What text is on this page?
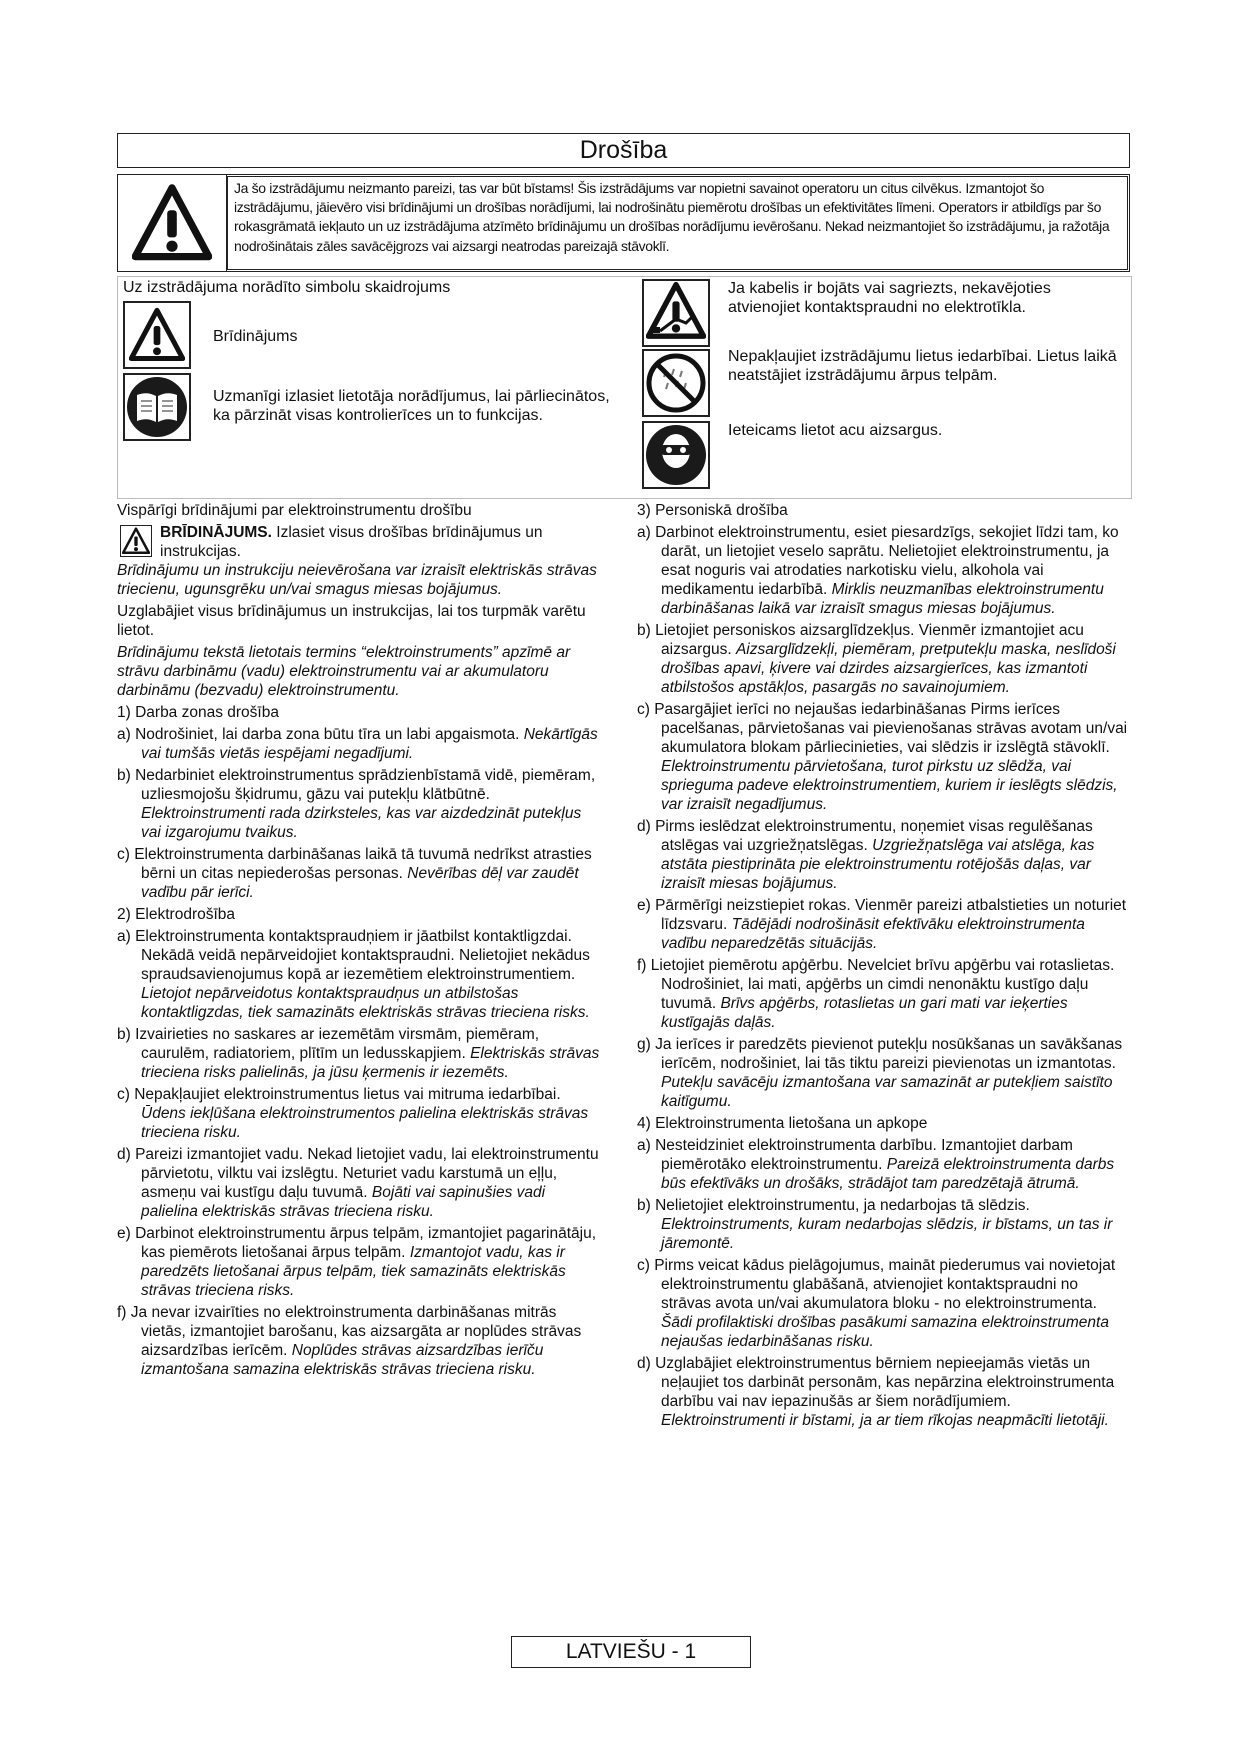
Drošība
Ja šo izstrādājumu neizmanto pareizi, tas var būt bīstams! Šis izstrādājums var nopietni savainot operatoru un citus cilvēkus. Izmantojot šo izstrādājumu, jāievēro visi brīdinājumi un drošības norādījumi, lai nodrošinātu piemērotu drošības un efektivitātes līmeni. Operators ir atbildīgs par šo rokasgrāmatā iekļauto un uz izstrādājuma atzīmēto brīdinājumu un drošības norādījumu ievērošanu. Nekad neizmantojiet šo izstrādājumu, ja ražotāja nodrošinātais zāles savācējgrozs vai aizsargi neatrodas pareizajā stāvoklī.
Uz izstrādājuma norādīto simbolu skaidrojums
Brīdinājums
Uzmanīgi izlasiet lietotāja norādījumus, lai pārliecinātos, ka pārzināt visas kontrolierīces un to funkcijas.
Ja kabelis ir bojāts vai sagriezts, nekavējoties atvienojiet kontaktspraudni no elektrotīkla.
Nepakļaujiet izstrādājumu lietus iedarbībai. Lietus laikā neatstājiet izstrādājumu ārpus telpām.
Ieteicams lietot acu aizsargus.

Vispārīgi brīdinājumi par elektroinstrumentu drošību

BRĪDINĀJUMS. Izlasiet visus drošības brīdinājumus un instrukcijas.

Brīdinājumu un instrukciju neievērošana var izraisīt elektriskās strāvas triecienu, ugunsgrēku un/vai smagus miesas bojājumus.

Uzglabājiet visus brīdinājumus un instrukcijas, lai tos turpmāk varētu lietot.

Brīdinājumu tekstā lietotais termins “elektroinstruments” apzīmē ar strāvu darbināmu (vadu) elektroinstrumentu vai ar akumulatoru darbināmu (bezvadu) elektroinstrumentu.

1) Darba zonas drošība

a) Nodrošiniet, lai darba zona būtu tīra un labi apgaismota. Nekārtīgās vai tumšās vietās iespējami negadījumi.

b) Nedarbiniet elektroinstrumentus sprādzienbīstamā vidē, piemēram, uzliesmojošu šķidrumu, gāzu vai putekļu klātbūtnē. Elektroinstrumenti rada dzirksteles, kas var aizdedzināt putekļus vai izgarojumu tvaikus.

c) Elektroinstrumenta darbināšanas laikā tā tuvumā nedrīkst atrasties bērni un citas nepiederošas personas. Nevērības dēļ var zaudēt vadību pār ierīci.

2) Elektrodrošība

a) Elektroinstrumenta kontaktspraudņiem ir jāatbilst kontaktligzdai. Nekādā veidā nepārveidojiet kontaktspraudni. Nelietojiet nekādus spraudsavienojumus kopā ar iezemētiem elektroinstrumentiem. Lietojot nepārveidotus kontaktspraudņus un atbilstošas kontaktligzdas, tiek samazināts elektriskās strāvas trieciena risks.

b) Izvairieties no saskares ar iezemētām virsmām, piemēram, caurulēm, radiatoriem, plītīm un ledusskapjiem. Elektriskās strāvas trieciena risks palielinās, ja jūsu ķermenis ir iezemēts.

c) Nepakļaujiet elektroinstrumentus lietus vai mitruma iedarbībai. Ūdens iekļūšana elektroinstrumentos palielina elektriskās strāvas trieciena risku.

d) Pareizi izmantojiet vadu. Nekad lietojiet vadu, lai elektroinstrumentu pārvietotu, vilktu vai izslēgtu. Neturiet vadu karstumā un eļļu, asmeņu vai kustīgu daļu tuvumā. Bojāti vai sapinušies vadi palielina elektriskās strāvas trieciena risku.

e) Darbinot elektroinstrumentu ārpus telpām, izmantojiet pagarinātāju, kas piemērots lietošanai ārpus telpām. Izmantojot vadu, kas ir paredzēts lietošanai ārpus telpām, tiek samazināts elektriskās strāvas trieciena risks.

f) Ja nevar izvairīties no elektroinstrumenta darbināšanas mitrās vietās, izmantojiet barošanu, kas aizsargāta ar noplūdes strāvas aizsardzības ierīcēm. Noplūdes strāvas aizsardzības ierīču izmantošana samazina elektriskās strāvas trieciena risku.

3) Personiskā drošība

a) Darbinot elektroinstrumentu, esiet piesardzīgs, sekojiet līdzi tam, ko darāt, un lietojiet veselo saprātu. Nelietojiet elektroinstrumentu, ja esat noguris vai atrodaties narkotisku vielu, alkohola vai medikamentu iedarbībā. Mirklis neuzmanības elektroinstrumentu darbināšanas laikā var izraisīt smagus miesas bojājumus.

b) Lietojiet personiskos aizsarglīdzekļus. Vienmēr izmantojiet acu aizsargus. Aizsarglīdzekļi, piemēram, pretputekļu maska, neslīdoši drošības apavi, ķivere vai dzirdes aizsargierīces, kas izmantoti atbilstošos apstākļos, pasargās no savainojumiem.

c) Pasargājiet ierīci no nejaušas iedarbināšanas Pirms ierīces pacelšanas, pārvietošanas vai pievienošanas strāvas avotam un/vai akumulatora blokam pārliecinieties, vai slēdzis ir izslēgtā stāvoklī. Elektroinstrumentu pārvietošana, turot pirkstu uz slēdža, vai sprieguma padeve elektroinstrumentiem, kuriem ir ieslēgts slēdzis, var izraisīt negadījumus.

d) Pirms ieslēdzat elektroinstrumentu, noņemiet visas regulēšanas atslēgas vai uzgriežņatslēgas. Uzgriežņatslēga vai atslēga, kas atstāta piestiprināta pie elektroinstrumentu rotējošās daļas, var izraisīt miesas bojājumus.

e) Pārmērīgi neizstiepiet rokas. Vienmēr pareizi atbalstieties un noturiet līdzsvaru. Tādējādi nodrošināsit efektīvāku elektroinstrumenta vadību neparedzētās situācijās.

f) Lietojiet piemērotu apģērbu. Nevelciet brīvu apģērbu vai rotaslietas. Nodrošiniet, lai mati, apģērbs un cimdi nenonāktu kustīgo daļu tuvumā. Brīvs apģērbs, rotaslietas un gari mati var ieķerties kustīgajās daļās.

g) Ja ierīces ir paredzēts pievienot putekļu nosūkšanas un savākšanas ierīcēm, nodrošiniet, lai tās tiktu pareizi pievienotas un izmantotas. Putekļu savācēju izmantošana var samazināt ar putekļiem saistīto kaitīgumu.

4) Elektroinstrumenta lietošana un apkope

a) Nesteidziniet elektroinstrumenta darbību. Izmantojiet darbam piemērotāko elektroinstrumentu. Pareizā elektroinstrumenta darbs būs efektīvāks un drošāks, strādājot tam paredzētajā ātrumā.

b) Nelietojiet elektroinstrumentu, ja nedarbojas tā slēdzis. Elektroinstruments, kuram nedarbojas slēdzis, ir bīstams, un tas ir jāremontē.

c) Pirms veicat kādus pielāgojumus, maināt piederumus vai novietojat elektroinstrumentu glabāšanā, atvienojiet kontaktspraudni no strāvas avota un/vai akumulatora bloku - no elektroinstrumenta. Šādi profilaktiski drošības pasākumi samazina elektroinstrumenta nejaušas iedarbināšanas risku.

d) Uzglabājiet elektroinstrumentus bērniem nepieejamās vietās un neļaujiet tos darbināt personām, kas nepārzina elektroinstrumenta darbību vai nav iepazinušās ar šiem norādījumiem. Elektroinstrumenti ir bīstami, ja ar tiem rīkojas neapmācīti lietotāji.

LATVIEŠU - 1
